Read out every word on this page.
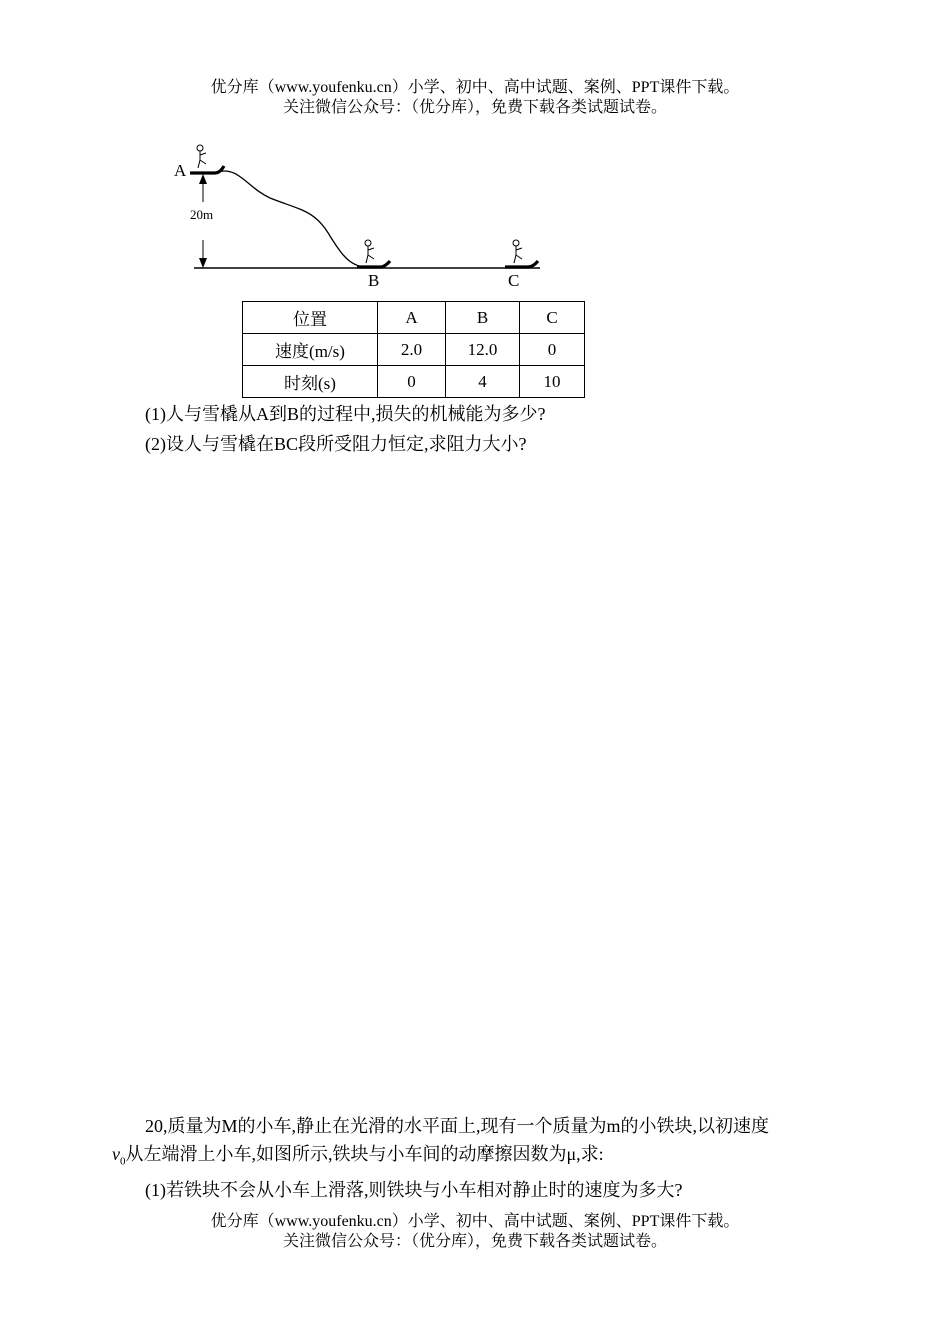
优分库（www.youfenku.cn）小学、初中、高中试题、案例、PPT课件下载。
关注微信公众号：（优分库），免费下载各类试题试卷。
20m
A
B	C
位置	A	B	C
速度(m/s)	2.0	12.0	0
时刻(s)	0	4	10
(1)人与雪橇从A到B的过程中,损失的机械能为多少?
(2)设人与雪橇在BC段所受阻力恒定,求阻力大小?
20,质量为M的小车,静止在光滑的水平面上,现有一个质量为m的小铁块,以初速度
$v_0$从左端滑上小车,如图所示,铁块与小车间的动摩擦因数为μ,求:
(1)若铁块不会从小车上滑落,则铁块与小车相对静止时的速度为多大?
优分库（www.youfenku.cn）小学、初中、高中试题、案例、PPT课件下载。
关注微信公众号：（优分库），免费下载各类试题试卷。
